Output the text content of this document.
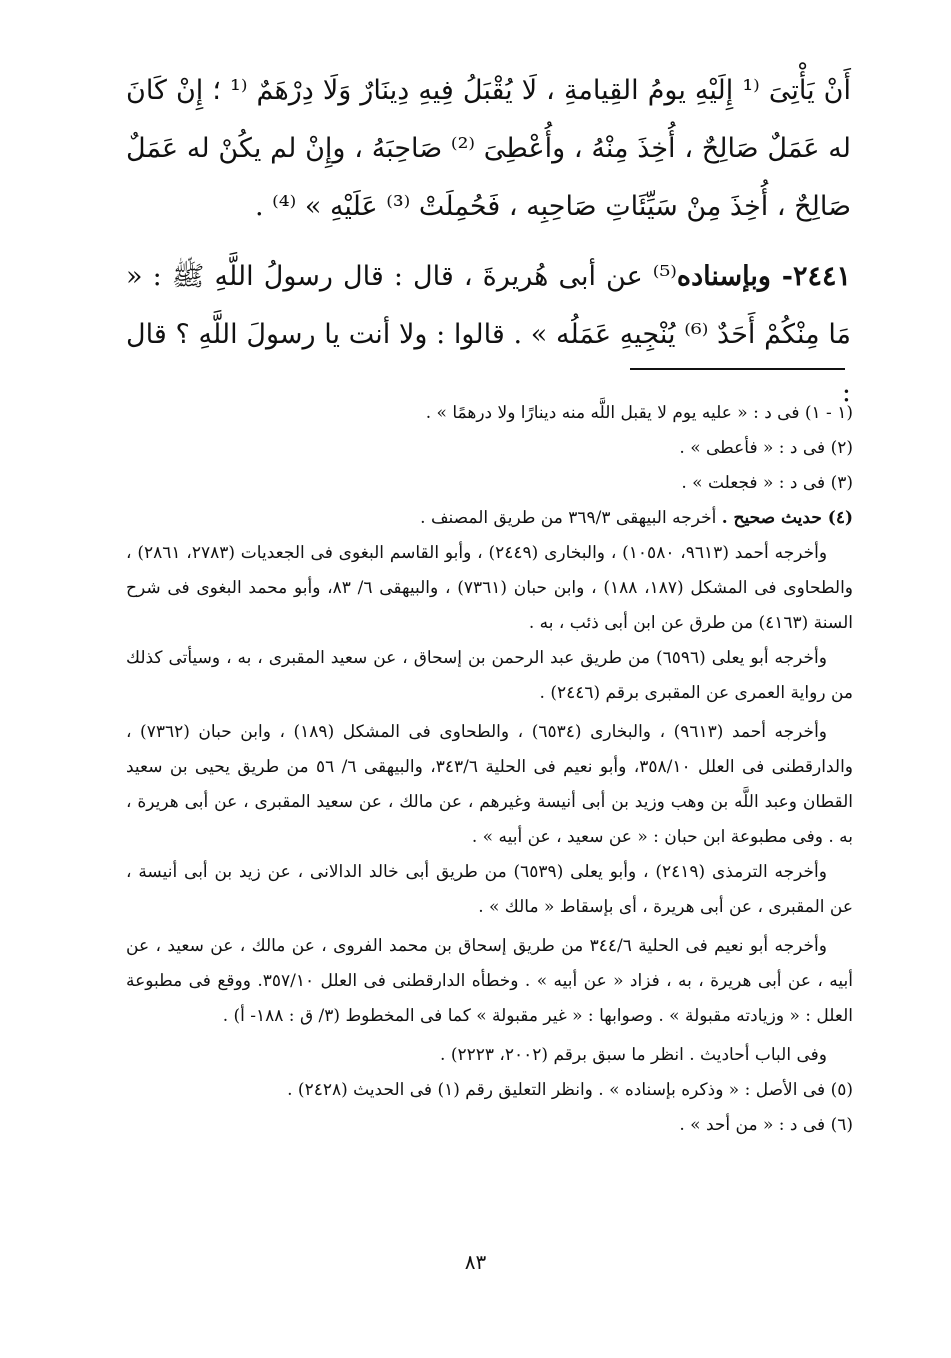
أَنْ يَأْتِىَ ⁽¹ إِلَيْهِ يومُ القِيامةِ ، لَا يُقْبَلُ فِيهِ دِينَارٌ وَلَا دِرْهَمٌ ⁽¹ ؛ إِنْ كَانَ له عَمَلٌ صَالِحٌ ، أُخِذَ مِنْهُ ، وأُعْطِىَ ⁽²⁾ صَاحِبَهُ ، وإِنْ لم يكُنْ له عَمَلٌ صَالِحٌ ، أُخِذَ مِنْ سَيِّئَاتِ صَاحِبِه ، فَحُمِلَتْ ⁽³⁾ عَلَيْهِ » ⁽⁴⁾ .

٢٤٤١- وبإسناده⁽⁵⁾ عن أبى هُريرةَ ، قال : قال رسولُ اللَّهِ ﷺ : « مَا مِنْكُمْ أَحَدٌ ⁽⁶⁾ يُنْجِيهِ عَمَلُه » . قالوا : ولا أنت يا رسولَ اللَّهِ ؟ قال :

(١ - ١) فى د : « عليه يوم لا يقبل اللَّه منه دينارًا ولا درهمًا » .

(٢) فى د : « فأعطى » .

(٣) فى د : « فجعلت » .

(٤) حديث صحيح . أخرجه البيهقى ٣٦٩/٣ من طريق المصنف .

وأخرجه أحمد (٩٦١٣، ١٠٥٨٠) ، والبخارى (٢٤٤٩) ، وأبو القاسم البغوى فى الجعديات (٢٧٨٣، ٢٨٦١) ، والطحاوى فى المشكل (١٨٧، ١٨٨) ، وابن حبان (٧٣٦١) ، والبيهقى ٦/ ٨٣، وأبو محمد البغوى فى شرح السنة (٤١٦٣) من طرق عن ابن أبى ذئب ، به .

وأخرجه أبو يعلى (٦٥٩٦) من طريق عبد الرحمن بن إسحاق ، عن سعيد المقبرى ، به ، وسيأتى كذلك من رواية العمرى عن المقبرى برقم (٢٤٤٦) .

وأخرجه أحمد (٩٦١٣) ، والبخارى (٦٥٣٤) ، والطحاوى فى المشكل (١٨٩) ، وابن حبان (٧٣٦٢) ، والدارقطنى فى العلل ٣٥٨/١٠، وأبو نعيم فى الحلية ٣٤٣/٦، والبيهقى ٦/ ٥٦ من طريق يحيى بن سعيد القطان وعبد اللَّه بن وهب وزيد بن أبى أنيسة وغيرهم ، عن مالك ، عن سعيد المقبرى ، عن أبى هريرة ، به . وفى مطبوعة ابن حبان : « عن سعيد ، عن أبيه » .

وأخرجه الترمذى (٢٤١٩) ، وأبو يعلى (٦٥٣٩) من طريق أبى خالد الدالانى ، عن زيد بن أبى أنيسة ، عن المقبرى ، عن أبى هريرة ، أى بإسقاط « مالك » .

وأخرجه أبو نعيم فى الحلية ٣٤٤/٦ من طريق إسحاق بن محمد الفروى ، عن مالك ، عن سعيد ، عن أبيه ، عن أبى هريرة ، به ، فزاد « عن أبيه » . وخطأه الدارقطنى فى العلل ٣٥٧/١٠. ووقع فى مطبوعة العلل : « وزيادته مقبولة » . وصوابها : « غير مقبولة » كما فى المخطوط (٣/ ق : ١٨٨- أ) .

وفى الباب أحاديث . انظر ما سبق برقم (٢٠٠٢، ٢٢٢٣) .

(٥) فى الأصل : « وذكره بإسناده » . وانظر التعليق رقم (١) فى الحديث (٢٤٢٨) .

(٦) فى د : « من أحد » .

٨٣
